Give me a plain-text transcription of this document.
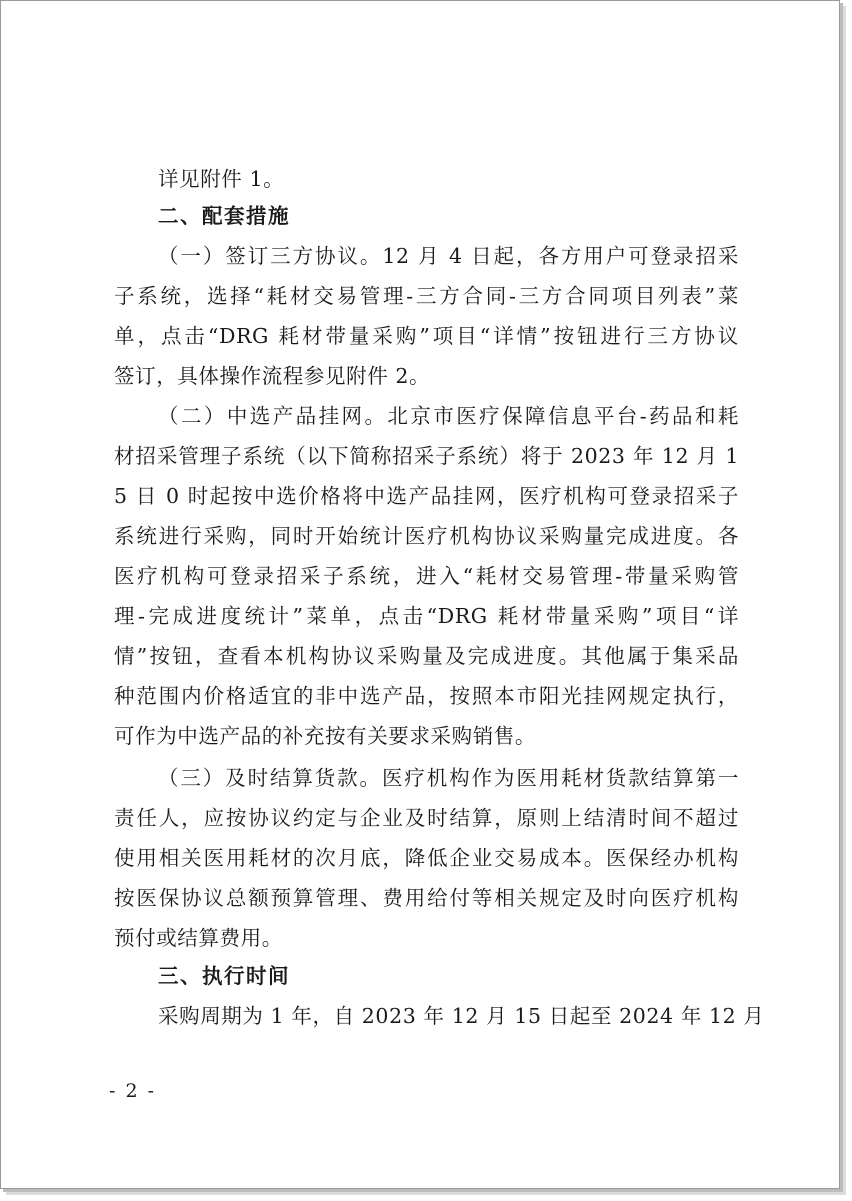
详见附件 1。
二、配套措施
（一）签订三方协议。12 月 4 日起，各方用户可登录招采
子系统，选择“耗材交易管理-三方合同-三方合同项目列表”菜
单，点击“DRG 耗材带量采购”项目“详情”按钮进行三方协议
签订，具体操作流程参见附件 2。
（二）中选产品挂网。北京市医疗保障信息平台-药品和耗
材招采管理子系统（以下简称招采子系统）将于 2023 年 12 月 1
5 日 0 时起按中选价格将中选产品挂网，医疗机构可登录招采子
系统进行采购，同时开始统计医疗机构协议采购量完成进度。各
医疗机构可登录招采子系统，进入“耗材交易管理-带量采购管
理-完成进度统计”菜单，点击“DRG 耗材带量采购”项目“详
情”按钮，查看本机构协议采购量及完成进度。其他属于集采品
种范围内价格适宜的非中选产品，按照本市阳光挂网规定执行，
可作为中选产品的补充按有关要求采购销售。
（三）及时结算货款。医疗机构作为医用耗材货款结算第一
责任人，应按协议约定与企业及时结算，原则上结清时间不超过
使用相关医用耗材的次月底，降低企业交易成本。医保经办机构
按医保协议总额预算管理、费用给付等相关规定及时向医疗机构
预付或结算费用。
三、执行时间
采购周期为 1 年，自 2023 年 12 月 15 日起至 2024 年 12 月
- 2 -
